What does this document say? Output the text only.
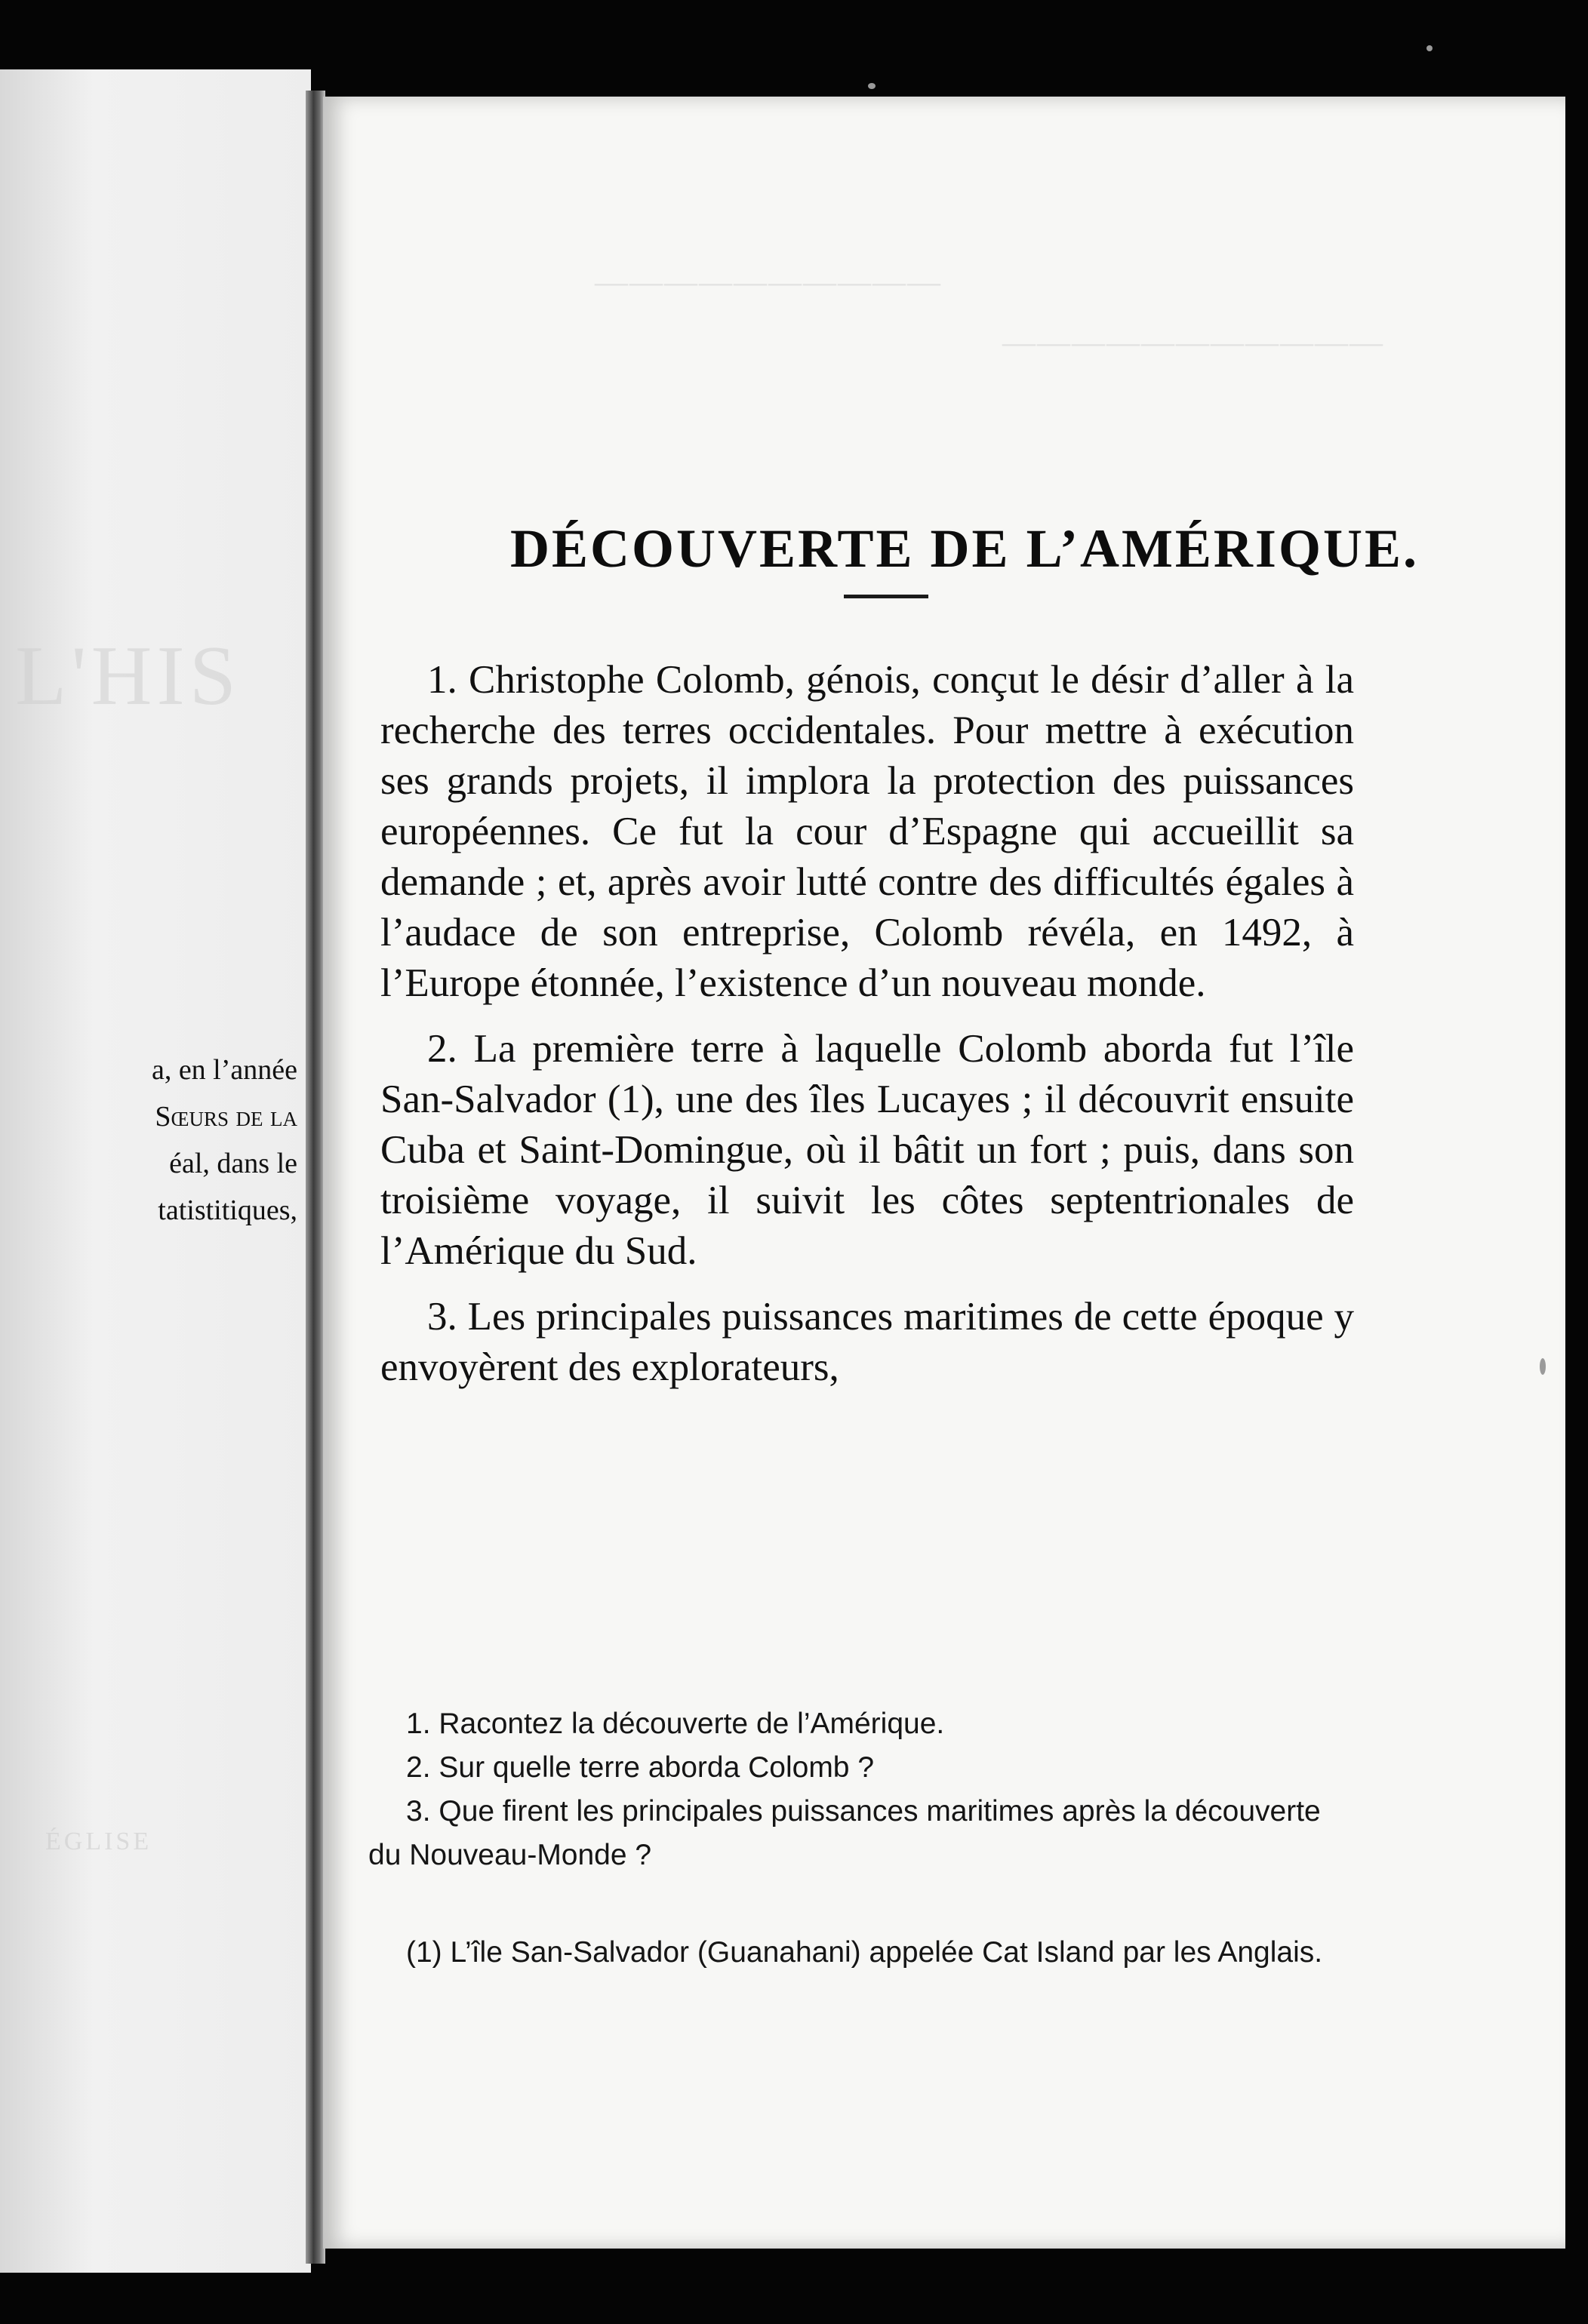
L'HIS
ÉGLISE
a, en l’année
Sœurs de la
éal, dans le
tatistitiques,
——————————
———————————
DÉCOUVERTE DE L’AMÉRIQUE.

1. Christophe Colomb, génois, conçut le désir d’aller à la recherche des terres occidentales. Pour mettre à exécution ses grands projets, il implora la protection des puissances européennes. Ce fut la cour d’Espagne qui accueillit sa demande ; et, après avoir lutté contre des difficultés égales à l’audace de son entreprise, Colomb révéla, en 1492, à l’Europe étonnée, l’existence d’un nouveau monde.

2. La première terre à laquelle Colomb aborda fut l’île San-Salvador (1), une des îles Lucayes ; il découvrit ensuite Cuba et Saint-Domingue, où il bâtit un fort ; puis, dans son troisième voyage, il suivit les côtes septentrionales de l’Amérique du Sud.

3. Les principales puissances maritimes de cette époque y envoyèrent des explorateurs,

1. Racontez la découverte de l’Amérique.

2. Sur quelle terre aborda Colomb ?

3. Que firent les principales puissances maritimes après la découverte du Nouveau-Monde ?

(1) L’île San-Salvador (Guanahani) appelée Cat Island par les Anglais.
